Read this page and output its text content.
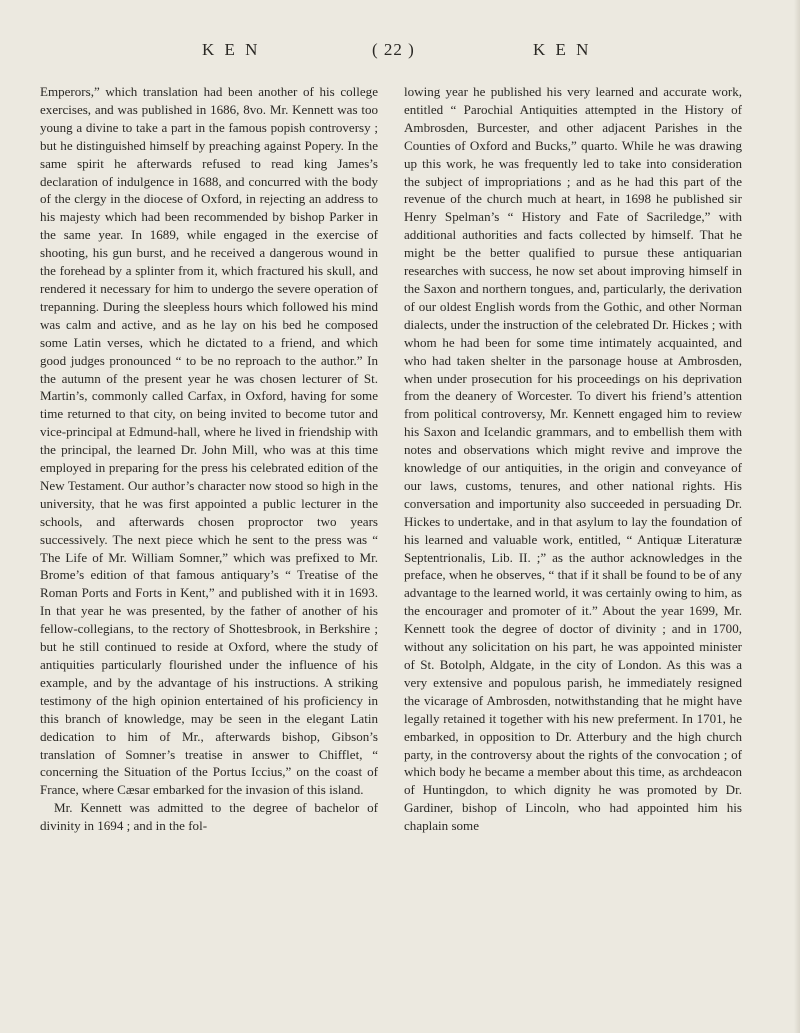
K E N	( 22 )	K E N

Emperors,” which translation had been another of his college exercises, and was published in 1686, 8vo. Mr. Kennett was too young a divine to take a part in the famous popish controversy ; but he distinguished himself by preaching against Popery. In the same spirit he afterwards refused to read king James’s declaration of indulgence in 1688, and concurred with the body of the clergy in the diocese of Oxford, in rejecting an address to his majesty which had been recommended by bishop Parker in the same year. In 1689, while engaged in the exercise of shooting, his gun burst, and he received a dangerous wound in the forehead by a splinter from it, which fractured his skull, and rendered it necessary for him to undergo the severe operation of trepanning. During the sleepless hours which followed his mind was calm and active, and as he lay on his bed he composed some Latin verses, which he dictated to a friend, and which good judges pronounced “ to be no reproach to the author.” In the autumn of the present year he was chosen lecturer of St. Martin’s, commonly called Carfax, in Oxford, having for some time returned to that city, on being invited to become tutor and vice-principal at Edmund-hall, where he lived in friendship with the principal, the learned Dr. John Mill, who was at this time employed in preparing for the press his celebrated edition of the New Testament. Our author’s character now stood so high in the university, that he was first appointed a public lecturer in the schools, and afterwards chosen proproctor two years successively. The next piece which he sent to the press was “ The Life of Mr. William Somner,” which was prefixed to Mr. Brome’s edition of that famous antiquary’s “ Treatise of the Roman Ports and Forts in Kent,” and published with it in 1693. In that year he was presented, by the father of another of his fellow-collegians, to the rectory of Shottesbrook, in Berkshire ; but he still continued to reside at Oxford, where the study of antiquities particularly flourished under the influence of his example, and by the advantage of his instructions. A striking testimony of the high opinion entertained of his proficiency in this branch of knowledge, may be seen in the elegant Latin dedication to him of Mr., afterwards bishop, Gibson’s translation of Somner’s treatise in answer to Chifflet, “ concerning the Situation of the Portus Iccius,” on the coast of France, where Cæsar embarked for the invasion of this island.

Mr. Kennett was admitted to the degree of bachelor of divinity in 1694 ; and in the fol-

lowing year he published his very learned and accurate work, entitled “ Parochial Antiquities attempted in the History of Ambrosden, Burcester, and other adjacent Parishes in the Counties of Oxford and Bucks,” quarto. While he was drawing up this work, he was frequently led to take into consideration the subject of impropriations ; and as he had this part of the revenue of the church much at heart, in 1698 he published sir Henry Spelman’s “ History and Fate of Sacriledge,” with additional authorities and facts collected by himself. That he might be the better qualified to pursue these antiquarian researches with success, he now set about improving himself in the Saxon and northern tongues, and, particularly, the derivation of our oldest English words from the Gothic, and other Norman dialects, under the instruction of the celebrated Dr. Hickes ; with whom he had been for some time intimately acquainted, and who had taken shelter in the parsonage house at Ambrosden, when under prosecution for his proceedings on his deprivation from the deanery of Worcester. To divert his friend’s attention from political controversy, Mr. Kennett engaged him to review his Saxon and Icelandic grammars, and to embellish them with notes and observations which might revive and improve the knowledge of our antiquities, in the origin and conveyance of our laws, customs, tenures, and other national rights. His conversation and importunity also succeeded in persuading Dr. Hickes to undertake, and in that asylum to lay the foundation of his learned and valuable work, entitled, “ Antiquæ Literaturæ Septentrionalis, Lib. II. ;” as the author acknowledges in the preface, when he observes, “ that if it shall be found to be of any advantage to the learned world, it was certainly owing to him, as the encourager and promoter of it.” About the year 1699, Mr. Kennett took the degree of doctor of divinity ; and in 1700, without any solicitation on his part, he was appointed minister of St. Botolph, Aldgate, in the city of London. As this was a very extensive and populous parish, he immediately resigned the vicarage of Ambrosden, notwithstanding that he might have legally retained it together with his new preferment. In 1701, he embarked, in opposition to Dr. Atterbury and the high church party, in the controversy about the rights of the convocation ; of which body he became a member about this time, as archdeacon of Huntingdon, to which dignity he was promoted by Dr. Gardiner, bishop of Lincoln, who had appointed him his chaplain some
